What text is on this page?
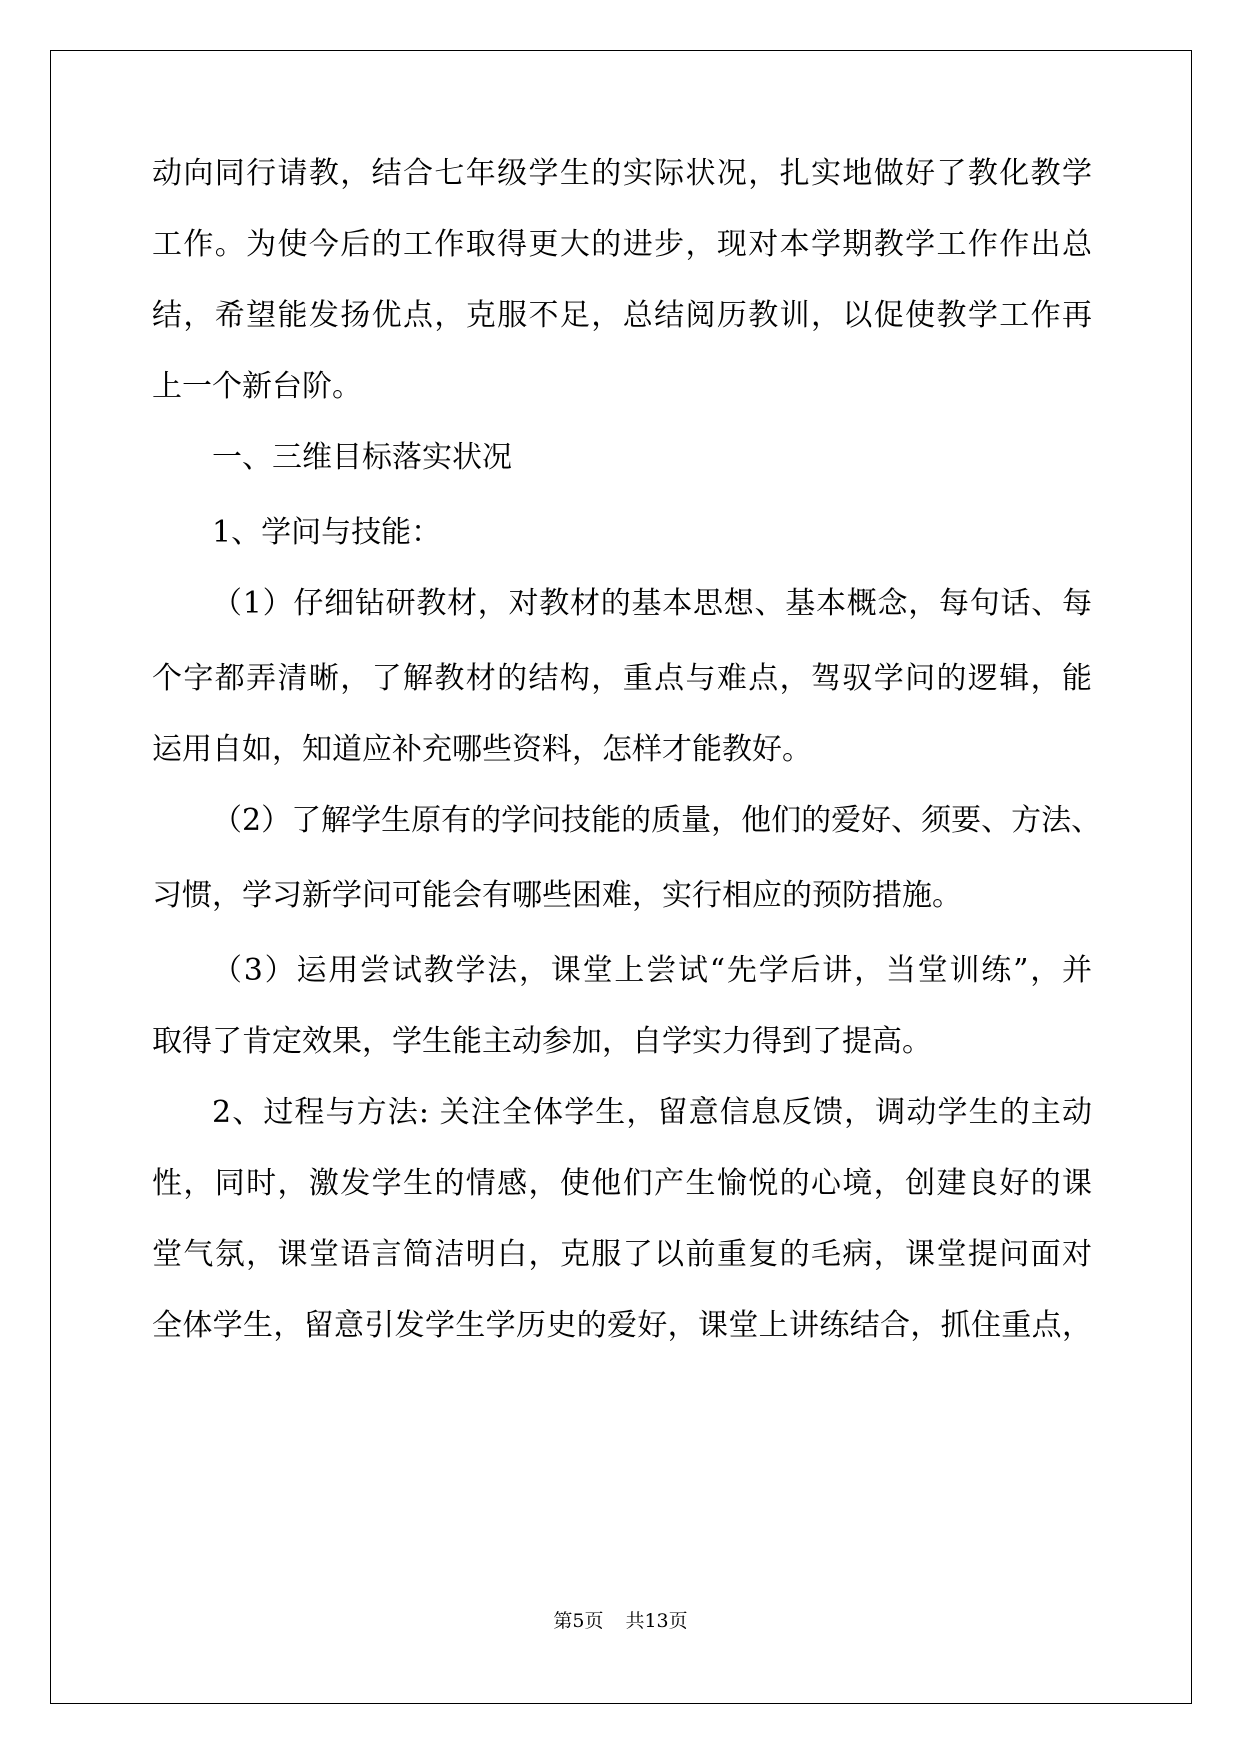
动向同行请教，结合七年级学生的实际状况，扎实地做好了教化教学
工作。为使今后的工作取得更大的进步，现对本学期教学工作作出总
结，希望能发扬优点，克服不足，总结阅历教训，以促使教学工作再
上一个新台阶。
一、三维目标落实状况
1、学问与技能：
（1）仔细钻研教材，对教材的基本思想、基本概念，每句话、每
个字都弄清晰，了解教材的结构，重点与难点，驾驭学问的逻辑，能
运用自如，知道应补充哪些资料，怎样才能教好。
（2）了解学生原有的学问技能的质量，他们的爱好、须要、方法、
习惯，学习新学问可能会有哪些困难，实行相应的预防措施。
（3）运用尝试教学法，课堂上尝试“先学后讲，当堂训练”，并
取得了肯定效果，学生能主动参加，自学实力得到了提高。
2、过程与方法: 关注全体学生，留意信息反馈，调动学生的主动
性，同时，激发学生的情感，使他们产生愉悦的心境，创建良好的课
堂气氛，课堂语言简洁明白，克服了以前重复的毛病，课堂提问面对
全体学生，留意引发学生学历史的爱好，课堂上讲练结合，抓住重点，
第5页 共13页
